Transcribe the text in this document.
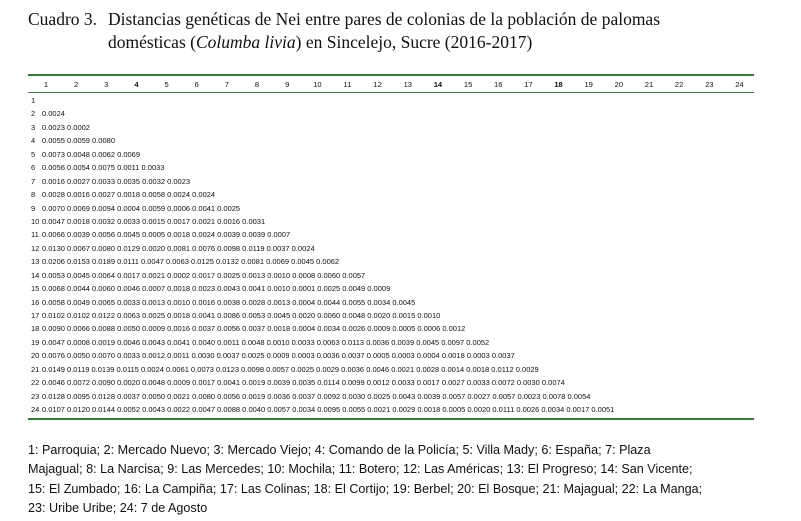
Cuadro 3. Distancias genéticas de Nei entre pares de colonias de la población de palomas
domésticas (Columba livia) en Sincelejo, Sucre (2016-2017)
1	2	3	4	5	6	7	8	9	10	11	12	13	14	15	16	17	18	19	20	21	22	23	24
1
2 0.0024
3 0.0023 0.0002
4 0.0055 0.0059 0.0080
5 0.0073 0.0048 0.0062 0.0069
6 0.0056 0.0054 0.0075 0.0011 0.0033
7 0.0016 0.0027 0.0033 0.0035 0.0032 0.0023
8 0.0028 0.0016 0.0027 0.0018 0.0058 0.0024 0.0024
9 0.0070 0.0069 0.0094 0.0004 0.0059 0.0006 0.0041 0.0025
10 0.0047 0.0018 0.0032 0.0033 0.0015 0.0017 0.0021 0.0016 0.0031
11 0.0066 0.0039 0.0056 0.0045 0.0005 0.0018 0.0024 0.0039 0.0039 0.0007
12 0.0130 0.0067 0.0080 0.0129 0.0020 0.0081 0.0076 0.0098 0.0119 0.0037 0.0024
13 0.0206 0.0153 0.0189 0.0111 0.0047 0.0063 0.0125 0.0132 0.0081 0.0069 0.0045 0.0062
14 0.0053 0.0045 0.0064 0.0017 0.0021 0.0002 0.0017 0.0025 0.0013 0.0010 0.0008 0.0060 0.0057
15 0.0068 0.0044 0.0060 0.0046 0.0007 0.0018 0.0023 0.0043 0.0041 0.0010 0.0001 0.0025 0.0049 0.0009
16 0.0058 0.0049 0.0065 0.0033 0.0013 0.0010 0.0016 0.0038 0.0028 0.0013 0.0004 0.0044 0.0055 0.0034 0.0045
17 0.0102 0.0102 0.0122 0.0063 0.0025 0.0018 0.0041 0.0086 0.0053 0.0045 0.0020 0.0060 0.0048 0.0020 0.0015 0.0010
18 0.0090 0.0066 0.0088 0.0050 0.0009 0.0016 0.0037 0.0056 0.0037 0.0018 0.0004 0.0034 0.0026 0.0009 0.0005 0.0006 0.0012
19 0.0047 0.0008 0.0019 0.0046 0.0043 0.0041 0.0040 0.0011 0.0048 0.0010 0.0033 0.0063 0.0113 0.0036 0.0039 0.0045 0.0097 0.0052
20 0.0076 0.0050 0.0070 0.0033 0.0012 0.0011 0.0030 0.0037 0.0025 0.0009 0.0003 0.0036 0.0037 0.0005 0.0003 0.0004 0.0018 0.0003 0.0037
21 0.0149 0.0119 0.0139 0.0115 0.0024 0.0061 0.0073 0.0123 0.0098 0.0057 0.0025 0.0029 0.0036 0.0046 0.0021 0.0028 0.0014 0.0018 0.0112 0.0029
22 0.0046 0.0072 0.0090 0.0020 0.0048 0.0009 0.0017 0.0041 0.0019 0.0039 0.0035 0.0114 0.0099 0.0012 0.0033 0.0017 0.0027 0.0033 0.0072 0.0030 0.0074
23 0.0128 0.0095 0.0128 0.0037 0.0050 0.0021 0.0080 0.0056 0.0019 0.0036 0.0037 0.0092 0.0030 0.0025 0.0043 0.0039 0.0057 0.0027 0.0057 0.0023 0.0078 0.0054
24 0.0107 0.0120 0.0144 0.0052 0.0043 0.0022 0.0047 0.0088 0.0040 0.0057 0.0034 0.0095 0.0055 0.0021 0.0029 0.0018 0.0005 0.0020 0.0111 0.0026 0.0034 0.0017 0.0051
1: Parroquia; 2: Mercado Nuevo; 3: Mercado Viejo; 4: Comando de la Policía; 5: Villa Mady; 6: España; 7: Plaza
Majagual; 8: La Narcisa; 9: Las Mercedes; 10: Mochila; 11: Botero; 12: Las Américas; 13: El Progreso; 14: San Vicente;
15: El Zumbado; 16: La Campiña; 17: Las Colinas; 18: El Cortijo; 19: Berbel; 20: El Bosque; 21: Majagual; 22: La Manga;
23: Uribe Uribe; 24: 7 de Agosto
